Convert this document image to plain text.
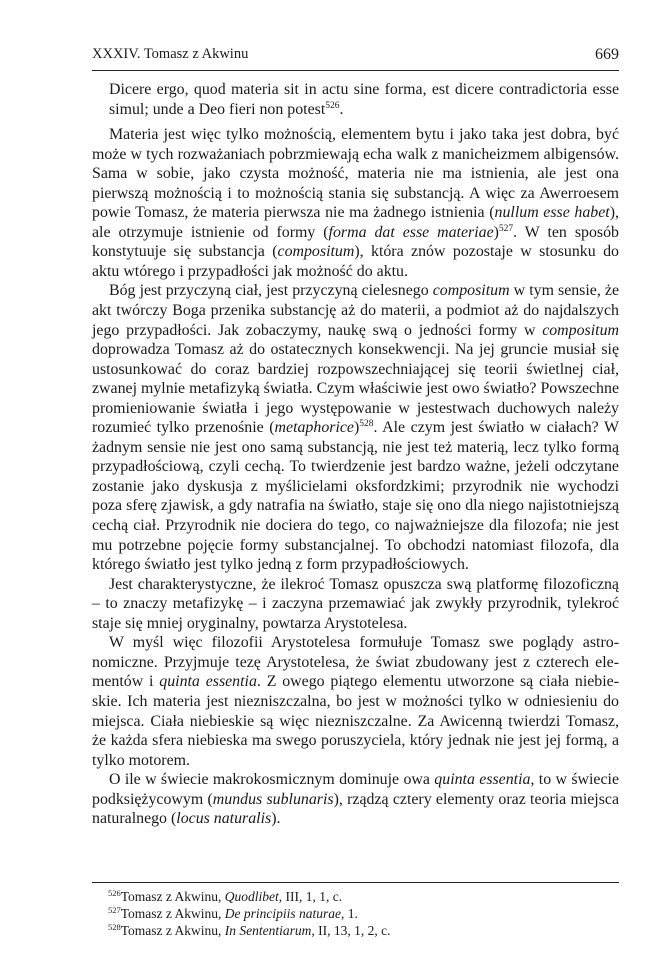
XXXIV. Tomasz z Akwinu	669

Dicere ergo, quod materia sit in actu sine forma, est dicere contradictoria esse simul; unde a Deo fieri non potest$^{526}$.

Materia jest więc tylko możnością, elementem bytu i jako taka jest dobra, być może w tych rozważaniach pobrzmiewają echa walk z manicheizmem albigensów. Sama w sobie, jako czysta możność, materia nie ma istnienia, ale jest ona pierwszą możnością i to możnością stania się substancją. A więc za Awerroesem powie Tomasz, że materia pierwsza nie ma żadnego istnienia (nullum esse habet), ale otrzymuje istnienie od formy (forma dat esse materiae)$^{527}$. W ten sposób konstytuuje się substancja (compositum), która znów pozostaje w stosunku do aktu wtórego i przypadłości jak możność do aktu.

Bóg jest przyczyną ciał, jest przyczyną cielesnego compositum w tym sensie, że akt twórczy Boga przenika substancję aż do materii, a podmiot aż do najdalszych jego przypadłości. Jak zobaczymy, naukę swą o jedności formy w compositum doprowadza Tomasz aż do ostatecznych konsekwencji. Na jej gruncie musiał się ustosunkować do coraz bardziej rozpowszechniającej się teorii świetlnej ciał, zwanej mylnie metafizyką światła. Czym właściwie jest owo światło? Powszechne promieniowanie światła i jego występowanie w jestestwach duchowych należy rozumieć tylko przenośnie (metaphorice)$^{528}$. Ale czym jest światło w ciałach? W żadnym sensie nie jest ono samą substancją, nie jest też materią, lecz tylko formą przypadłościową, czyli cechą. To twierdzenie jest bardzo ważne, jeżeli odczytane zostanie jako dyskusja z myślicielami oksfordzkimi; przyrodnik nie wychodzi poza sferę zjawisk, a gdy natrafia na światło, staje się ono dla niego najistotniejszą cechą ciał. Przyrodnik nie dociera do tego, co najważniejsze dla filozofa; nie jest mu potrzebne pojęcie formy substancjalnej. To obchodzi natomiast filozofa, dla którego światło jest tylko jedną z form przypadłościowych.

Jest charakterystyczne, że ilekroć Tomasz opuszcza swą platformę filozoficzną – to znaczy metafizykę – i zaczyna przemawiać jak zwykły przyrodnik, tylekroć staje się mniej oryginalny, powtarza Arystotelesa.

W myśl więc filozofii Arystotelesa formułuje Tomasz swe poglądy astronomiczne. Przyjmuje tezę Arystotelesa, że świat zbudowany jest z czterech elementów i quinta essentia. Z owego piątego elementu utworzone są ciała niebieskie. Ich materia jest niezniszczalna, bo jest w możności tylko w odniesieniu do miejsca. Ciała niebieskie są więc niezniszczalne. Za Awicenną twierdzi Tomasz, że każda sfera niebieska ma swego poruszyciela, który jednak nie jest jej formą, a tylko motorem.

O ile w świecie makrokosmicznym dominuje owa quinta essentia, to w świecie podksiężycowym (mundus sublunaris), rządzą cztery elementy oraz teoria miejsca naturalnego (locus naturalis).

$^{526}$Tomasz z Akwinu, Quodlibet, III, 1, 1, c.
$^{527}$Tomasz z Akwinu, De principiis naturae, 1.
$^{528}$Tomasz z Akwinu, In Sententiarum, II, 13, 1, 2, c.
